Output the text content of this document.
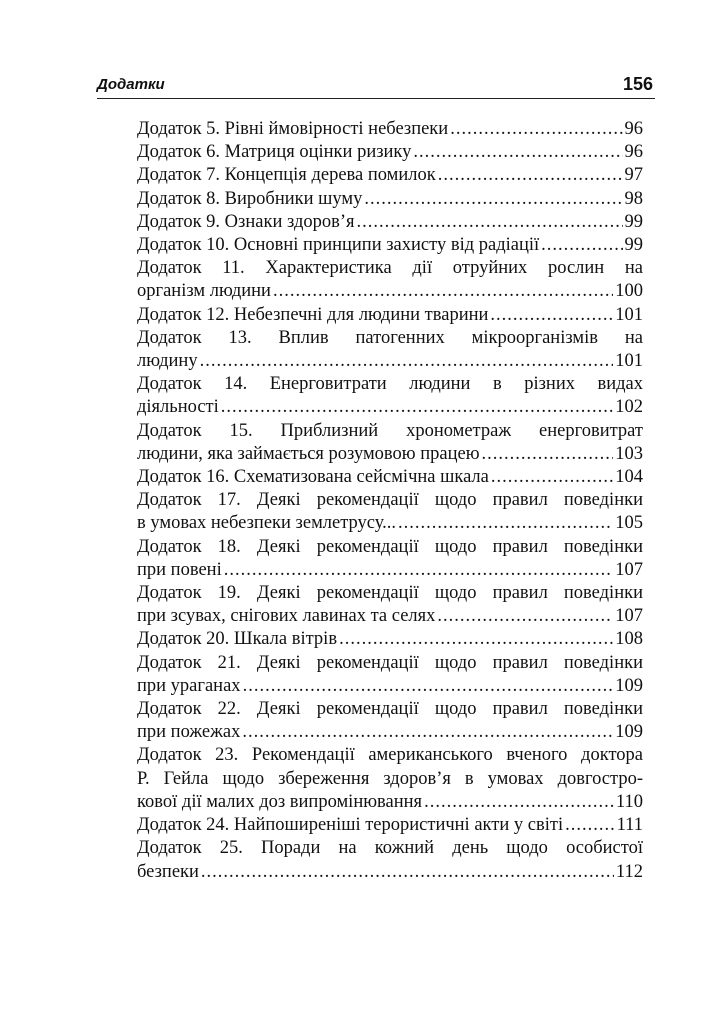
Додатки	156
Додаток 5. Рівні ймовірності небезпеки .....	96
Додаток 6. Матриця оцінки ризику .....	96
Додаток 7. Концепція дерева помилок .....	97
Додаток 8. Виробники шуму .....	98
Додаток 9. Ознаки здоров’я .....	99
Додаток 10. Основні принципи захисту від радіації .....	99
Додаток 11. Характеристика дії отруйних рослин на
організм людини .....	100
Додаток 12. Небезпечні для людини тварини .....	101
Додаток 13. Вплив патогенних мікроорганізмів на
людину .....	101
Додаток 14. Енерговитрати людини в різних видах
діяльності .....	102
Додаток 15. Приблизний хронометраж енерговитрат
людини, яка займається розумовою працею .....	103
Додаток 16. Схематизована сейсмічна шкала .....	104
Додаток 17. Деякі рекомендації щодо правил поведінки
в умовах небезпеки землетрусу... .....	105
Додаток 18. Деякі рекомендації щодо правил поведінки
при повені .....	107
Додаток 19. Деякі рекомендації щодо правил поведінки
при зсувах, снігових лавинах та селях .....	107
Додаток 20. Шкала вітрів .....	108
Додаток 21. Деякі рекомендації щодо правил поведінки
при ураганах .....	109
Додаток 22. Деякі рекомендації щодо правил поведінки
при пожежах .....	109
Додаток 23. Рекомендації американського вченого доктора
Р. Гейла щодо збереження здоров’я в умовах довгостро-
кової дії малих доз випромінювання .....	110
Додаток 24. Найпоширеніші терористичні акти у світі .....	111
Додаток 25. Поради на кожний день щодо особистої
безпеки .....	112
